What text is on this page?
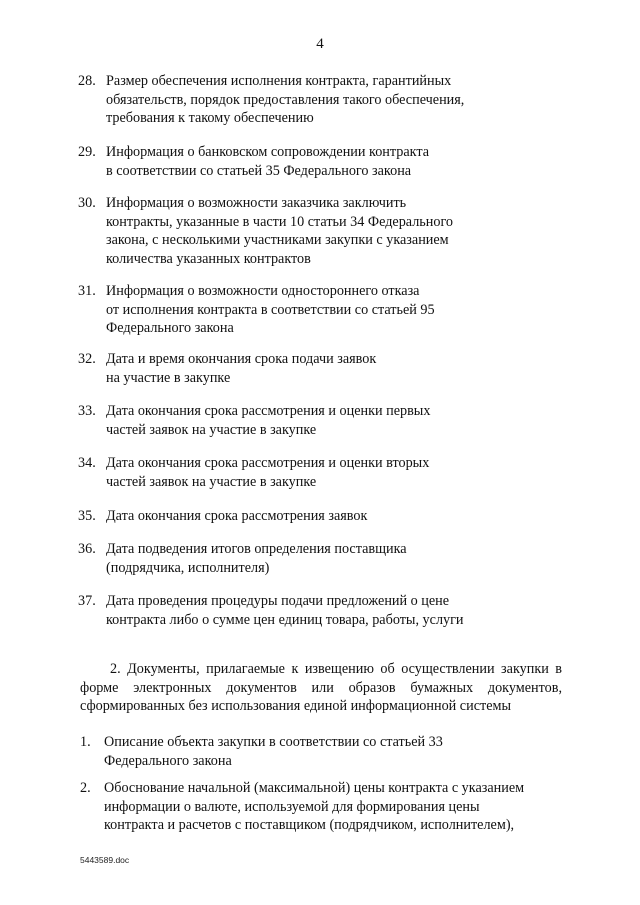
4
28. Размер обеспечения исполнения контракта, гарантийных
обязательств, порядок предоставления такого обеспечения,
требования к такому обеспечению
29. Информация о банковском сопровождении контракта
в соответствии со статьей 35 Федерального закона
30. Информация о возможности заказчика заключить
контракты, указанные в части 10 статьи 34 Федерального
закона, с несколькими участниками закупки с указанием
количества указанных контрактов
31. Информация о возможности одностороннего отказа
от исполнения контракта в соответствии со статьей 95
Федерального закона
32. Дата и время окончания срока подачи заявок
на участие в закупке
33. Дата окончания срока рассмотрения и оценки первых
частей заявок на участие в закупке
34. Дата окончания срока рассмотрения и оценки вторых
частей заявок на участие в закупке
35. Дата окончания срока рассмотрения заявок
36. Дата подведения итогов определения поставщика
(подрядчика, исполнителя)
37. Дата проведения процедуры подачи предложений о цене
контракта либо о сумме цен единиц товара, работы, услуги
2. Документы, прилагаемые к извещению об осуществлении закупки в форме электронных документов или образов бумажных документов, сформированных без использования единой информационной системы
1. Описание объекта закупки в соответствии со статьей 33
Федерального закона
2. Обоснование начальной (максимальной) цены контракта с указанием
информации о валюте, используемой для формирования цены
контракта и расчетов с поставщиком (подрядчиком, исполнителем),
5443589.doc
